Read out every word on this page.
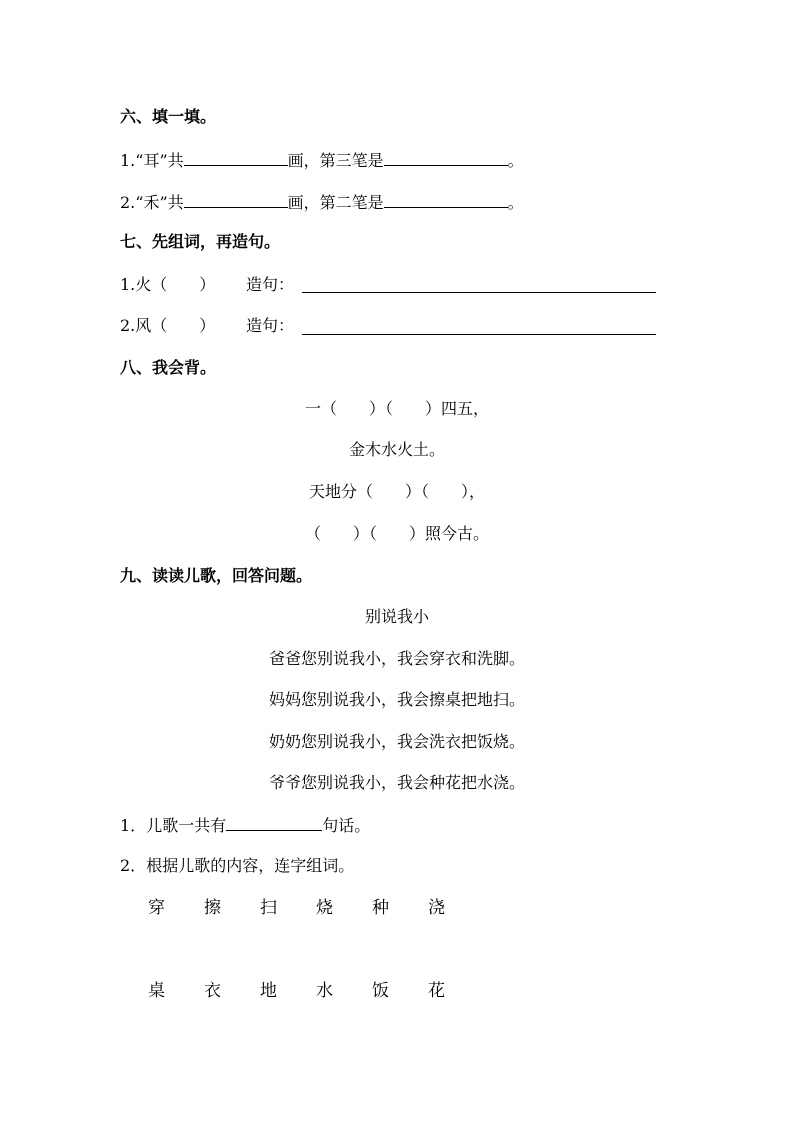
六、填一填。
1.“耳”共	画，第三笔是	。
2.“禾”共	画，第二笔是	。
七、先组词，再造句。
1.火（　　） 造句：
2.风（　　） 造句：
八、我会背。
一（　　）（　　）四五，
金木水火土。
天地分（　　）（　　），
（　　）（　　）照今古。
九、读读儿歌，回答问题。
别说我小
爸爸您别说我小，我会穿衣和洗脚。
妈妈您别说我小，我会擦桌把地扫。
奶奶您别说我小，我会洗衣把饭烧。
爷爷您别说我小，我会种花把水浇。
1．儿歌一共有	句话。
2．根据儿歌的内容，连字组词。
穿 擦 扫 烧 种 浇
桌 衣 地 水 饭 花
